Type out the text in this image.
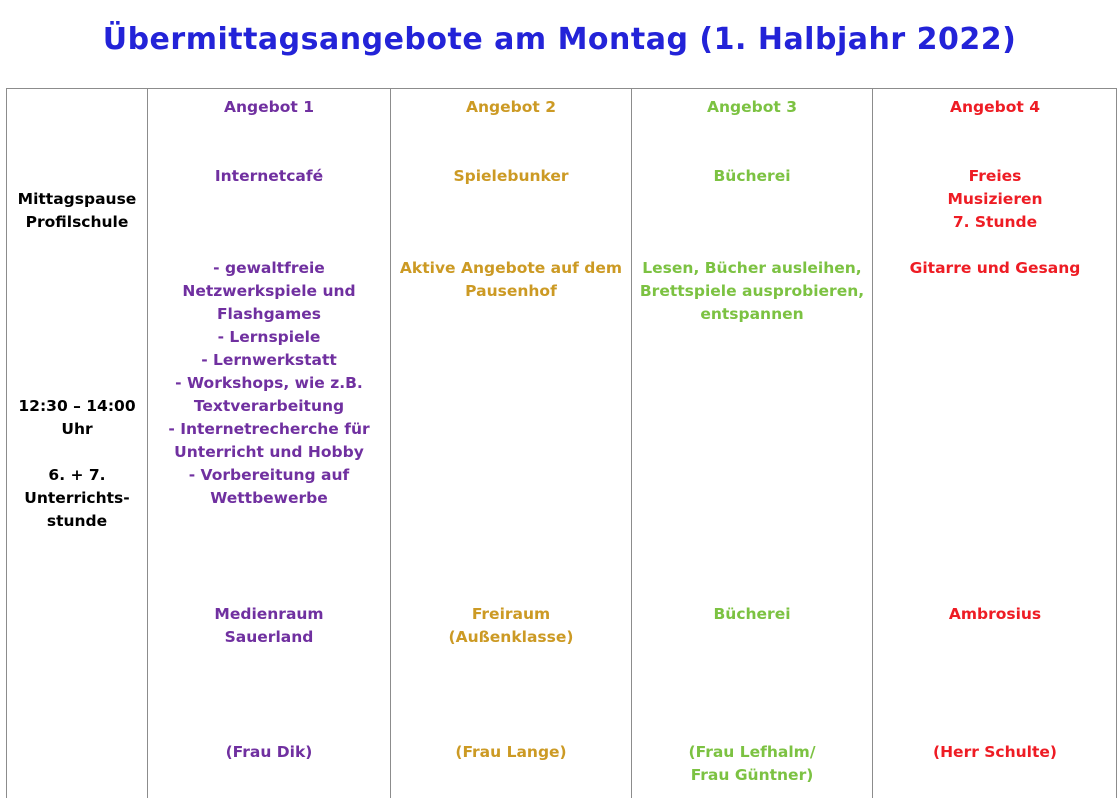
Übermittagsangebote am Montag (1. Halbjahr 2022)
Mittagspause
Profilschule
12:30 – 14:00
Uhr

6. + 7.
Unterrichts-
stunde
Angebot 1
Internetcafé
- gewaltfreie
Netzwerkspiele und
Flashgames
- Lernspiele
- Lernwerkstatt
- Workshops, wie z.B.
Textverarbeitung
- Internetrecherche für
Unterricht und Hobby
- Vorbereitung auf
Wettbewerbe
Medienraum
Sauerland
(Frau Dik)
Angebot 2
Spielebunker
Aktive Angebote auf dem
Pausenhof
Freiraum
(Außenklasse)
(Frau Lange)
Angebot 3
Bücherei
Lesen, Bücher ausleihen,
Brettspiele ausprobieren,
entspannen
Bücherei
(Frau Lefhalm/
Frau Güntner)
Angebot 4
Freies
Musizieren
7. Stunde
Gitarre und Gesang
Ambrosius
(Herr Schulte)
